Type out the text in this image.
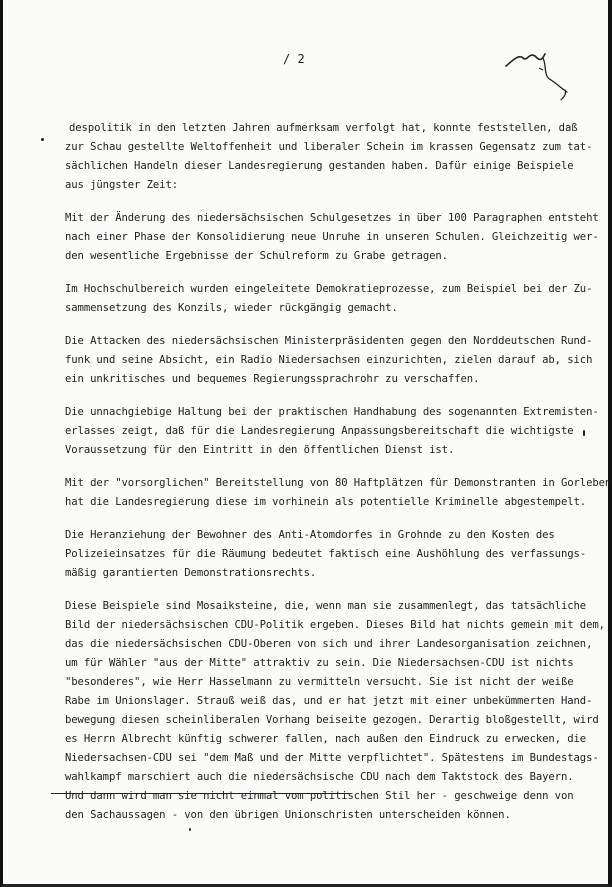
/ 2
despolitik in den letzten Jahren aufmerksam verfolgt hat, konnte feststellen, daß
zur Schau gestellte Weltoffenheit und liberaler Schein im krassen Gegensatz zum tat-
sächlichen Handeln dieser Landesregierung gestanden haben. Dafür einige Beispiele
aus jüngster Zeit:
Mit der Änderung des niedersächsischen Schulgesetzes in über 100 Paragraphen entsteht
nach einer Phase der Konsolidierung neue Unruhe in unseren Schulen. Gleichzeitig wer-
den wesentliche Ergebnisse der Schulreform zu Grabe getragen.
Im Hochschulbereich wurden eingeleitete Demokratieprozesse, zum Beispiel bei der Zu-
sammensetzung des Konzils, wieder rückgängig gemacht.
Die Attacken des niedersächsischen Ministerpräsidenten gegen den Norddeutschen Rund-
funk und seine Absicht, ein Radio Niedersachsen einzurichten, zielen darauf ab, sich
ein unkritisches und bequemes Regierungssprachrohr zu verschaffen.
Die unnachgiebige Haltung bei der praktischen Handhabung des sogenannten Extremisten-
erlasses zeigt, daß für die Landesregierung Anpassungsbereitschaft die wichtigste
Voraussetzung für den Eintritt in den öffentlichen Dienst ist.
Mit der "vorsorglichen" Bereitstellung von 80 Haftplätzen für Demonstranten in Gorleben
hat die Landesregierung diese im vorhinein als potentielle Kriminelle abgestempelt.
Die Heranziehung der Bewohner des Anti-Atomdorfes in Grohnde zu den Kosten des
Polizeieinsatzes für die Räumung bedeutet faktisch eine Aushöhlung des verfassungs-
mäßig garantierten Demonstrationsrechts.
Diese Beispiele sind Mosaiksteine, die, wenn man sie zusammenlegt, das tatsächliche
Bild der niedersächsischen CDU-Politik ergeben. Dieses Bild hat nichts gemein mit dem,
das die niedersächsischen CDU-Oberen von sich und ihrer Landesorganisation zeichnen,
um für Wähler "aus der Mitte" attraktiv zu sein. Die Niedersachsen-CDU ist nichts
"besonderes", wie Herr Hasselmann zu vermitteln versucht. Sie ist nicht der weiße
Rabe im Unionslager. Strauß weiß das, und er hat jetzt mit einer unbekümmerten Hand-
bewegung diesen scheinliberalen Vorhang beiseite gezogen. Derartig bloßgestellt, wird
es Herrn Albrecht künftig schwerer fallen, nach außen den Eindruck zu erwecken, die
Niedersachsen-CDU sei "dem Maß und der Mitte verpflichtet". Spätestens im Bundestags-
wahlkampf marschiert auch die niedersächsische CDU nach dem Taktstock des Bayern.
Und dann wird man sie nicht einmal vom politischen Stil her - geschweige denn von
den Sachaussagen - von den übrigen Unionschristen unterscheiden können.
